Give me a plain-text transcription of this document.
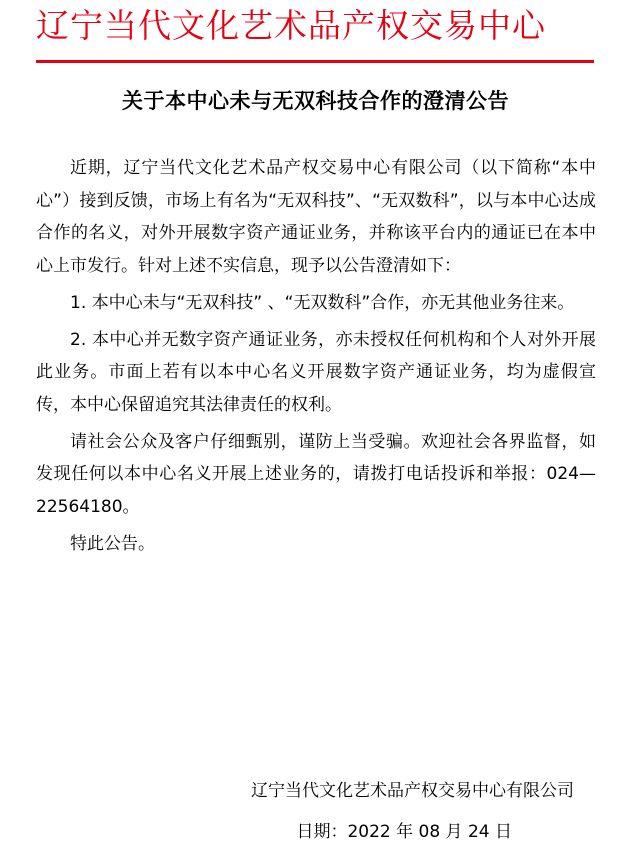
辽宁当代文化艺术品产权交易中心
关于本中心未与无双科技合作的澄清公告

近期，辽宁当代文化艺术品产权交易中心有限公司（以下简称“本中心”）接到反馈，市场上有名为“无双科技”、“无双数科”，以与本中心达成合作的名义，对外开展数字资产通证业务，并称该平台内的通证已在本中心上市发行。针对上述不实信息，现予以公告澄清如下：

1. 本中心未与“无双科技” 、“无双数科”合作，亦无其他业务往来。

2. 本中心并无数字资产通证业务，亦未授权任何机构和个人对外开展此业务。市面上若有以本中心名义开展数字资产通证业务，均为虚假宣传，本中心保留追究其法律责任的权利。

请社会公众及客户仔细甄别，谨防上当受骗。欢迎社会各界监督，如发现任何以本中心名义开展上述业务的，请拨打电话投诉和举报：024—22564180。

特此公告。

辽宁当代文化艺术品产权交易中心有限公司
日期：2022 年 08 月 24 日
